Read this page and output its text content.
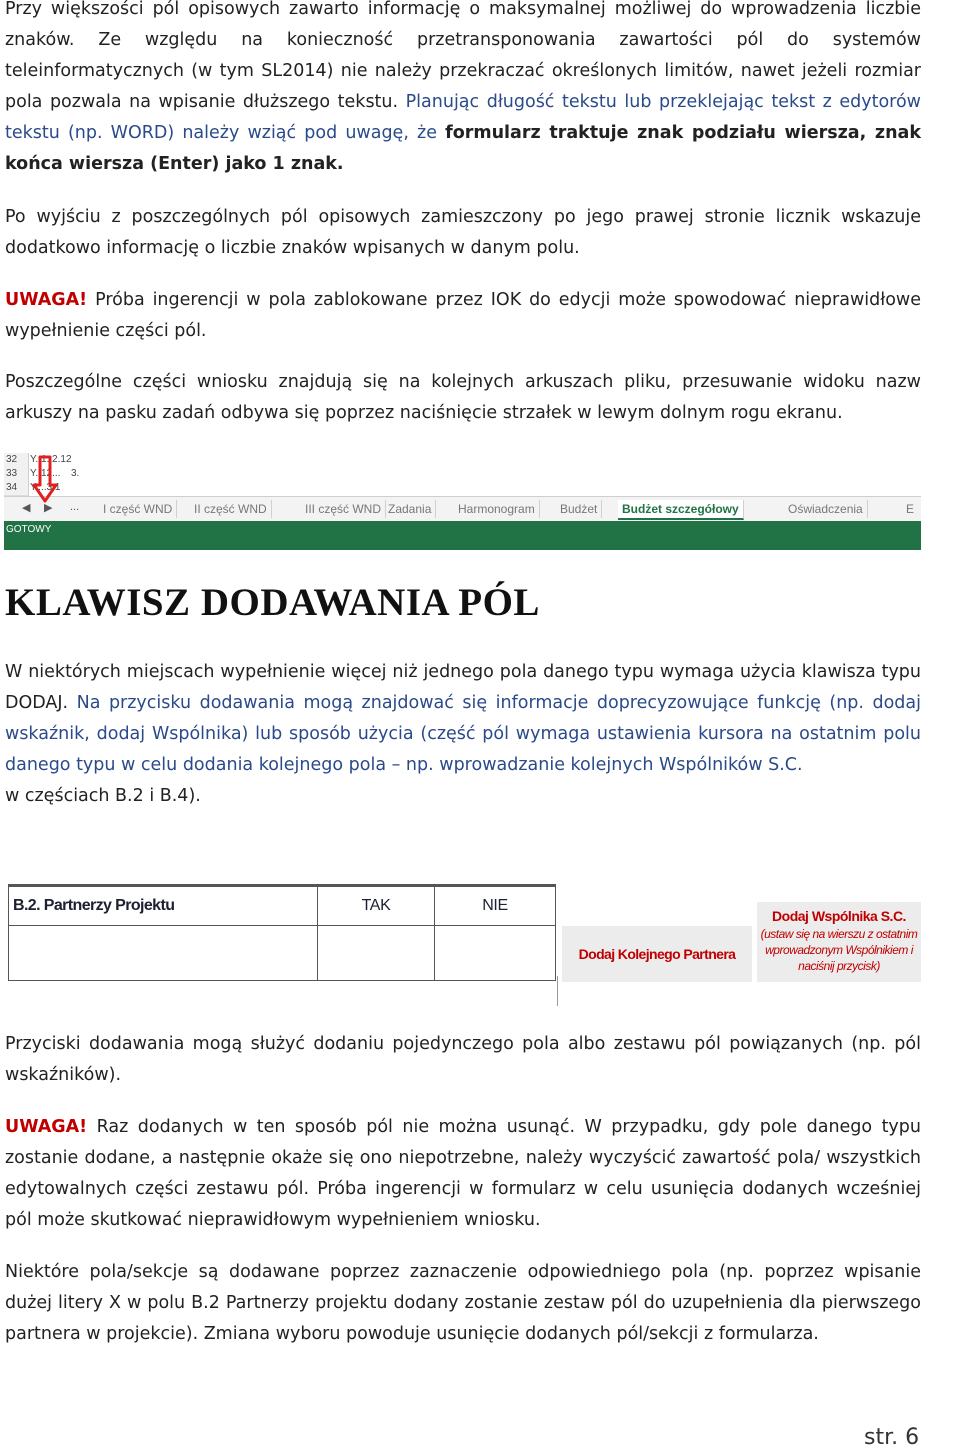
Przy większości pól opisowych zawarto informację o maksymalnej możliwej do wprowadzenia liczbie znaków. Ze względu na konieczność przetransponowania zawartości pól do systemów teleinformatycznych (w tym SL2014) nie należy przekraczać określonych limitów, nawet jeżeli rozmiar pola pozwala na wpisanie dłuższego tekstu. Planując długość tekstu lub przeklejając tekst z edytorów tekstu (np. WORD) należy wziąć pod uwagę, że formularz traktuje znak podziału wiersza, znak końca wiersza (Enter) jako 1 znak.

Po wyjściu z poszczególnych pól opisowych zamieszczony po jego prawej stronie licznik wskazuje dodatkowo informację o liczbie znaków wpisanych w danym polu.

UWAGA! Próba ingerencji w pola zablokowane przez IOK do edycji może spowodować nieprawidłowe wypełnienie części pól.

Poszczególne części wniosku znajdują się na kolejnych arkuszach pliku, przesuwanie widoku nazw arkuszy na pasku zadań odbywa się poprzez naciśnięcie strzałek w lewym dolnym rogu ekranu.

32	Y..1..2.12
33	Y..12... 3.
34	Y....3.1
◀ ▶ ...	I część WND	II część WND	III część WND Zadania	Harmonogram	Budżet	Budżet szczegółowy	Oświadczenia	E
GOTOWY
KLAWISZ DODAWANIA PÓL

W niektórych miejscach wypełnienie więcej niż jednego pola danego typu wymaga użycia klawisza typu DODAJ. Na przycisku dodawania mogą znajdować się informacje doprecyzowujące funkcję (np. dodaj wskaźnik, dodaj Wspólnika) lub sposób użycia (część pól wymaga ustawienia kursora na ostatnim polu danego typu w celu dodania kolejnego pola – np. wprowadzanie kolejnych Wspólników S.C.
w częściach B.2 i B.4).

B.2. Partnerzy Projektu	TAK	NIE
Dodaj Kolejnego Partnera
Dodaj Wspólnika S.C.
(ustaw się na wierszu z ostatnim wprowadzonym Wspólnikiem i naciśnij przycisk)

Przyciski dodawania mogą służyć dodaniu pojedynczego pola albo zestawu pól powiązanych (np. pól wskaźników).

UWAGA! Raz dodanych w ten sposób pól nie można usunąć. W przypadku, gdy pole danego typu zostanie dodane, a następnie okaże się ono niepotrzebne, należy wyczyścić zawartość pola/ wszystkich edytowalnych części zestawu pól. Próba ingerencji w formularz w celu usunięcia dodanych wcześniej pól może skutkować nieprawidłowym wypełnieniem wniosku.

Niektóre pola/sekcje są dodawane poprzez zaznaczenie odpowiedniego pola (np. poprzez wpisanie dużej litery X w polu B.2 Partnerzy projektu dodany zostanie zestaw pól do uzupełnienia dla pierwszego partnera w projekcie). Zmiana wyboru powoduje usunięcie dodanych pól/sekcji z formularza.

str. 6
